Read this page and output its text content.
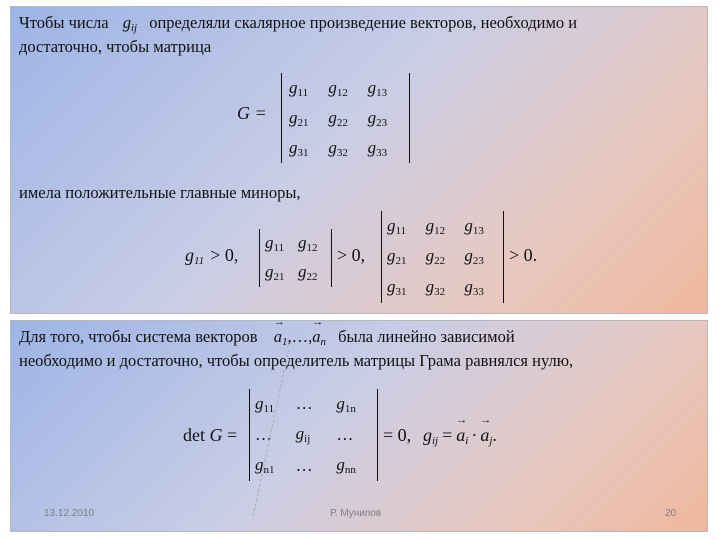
Чтобы числа $g_{ij}$ определяли скалярное произведение векторов, необходимо и
достаточно, чтобы матрица
G =
$g_{11}$ $g_{12}$ $g_{13}$
$g_{21}$ $g_{22}$ $g_{23}$
$g_{31}$ $g_{32}$ $g_{33}$
имела положительные главные миноры,
$g_{11} > 0$,
$g_{11}$ $g_{12}$
$g_{21}$ $g_{22}$
> 0,
$g_{11}$ $g_{12}$ $g_{13}$
$g_{21}$ $g_{22}$ $g_{23}$
$g_{31}$ $g_{32}$ $g_{33}$
> 0.
Для того, чтобы система векторов → $a_1,\dots,\to a_n$ была линейно зависимой
необходимо и достаточно, чтобы определитель матрицы Грама равнялся нулю,
det G =
$g_{11}$ … $g_{1n}$
… $g_{ij}$ …
$g_{n1}$ … $g_{nn}$
= 0, $g_{ij} =\to a_i \cdot\to a_j$.
13.12.2010	Р. Мунипов	20
